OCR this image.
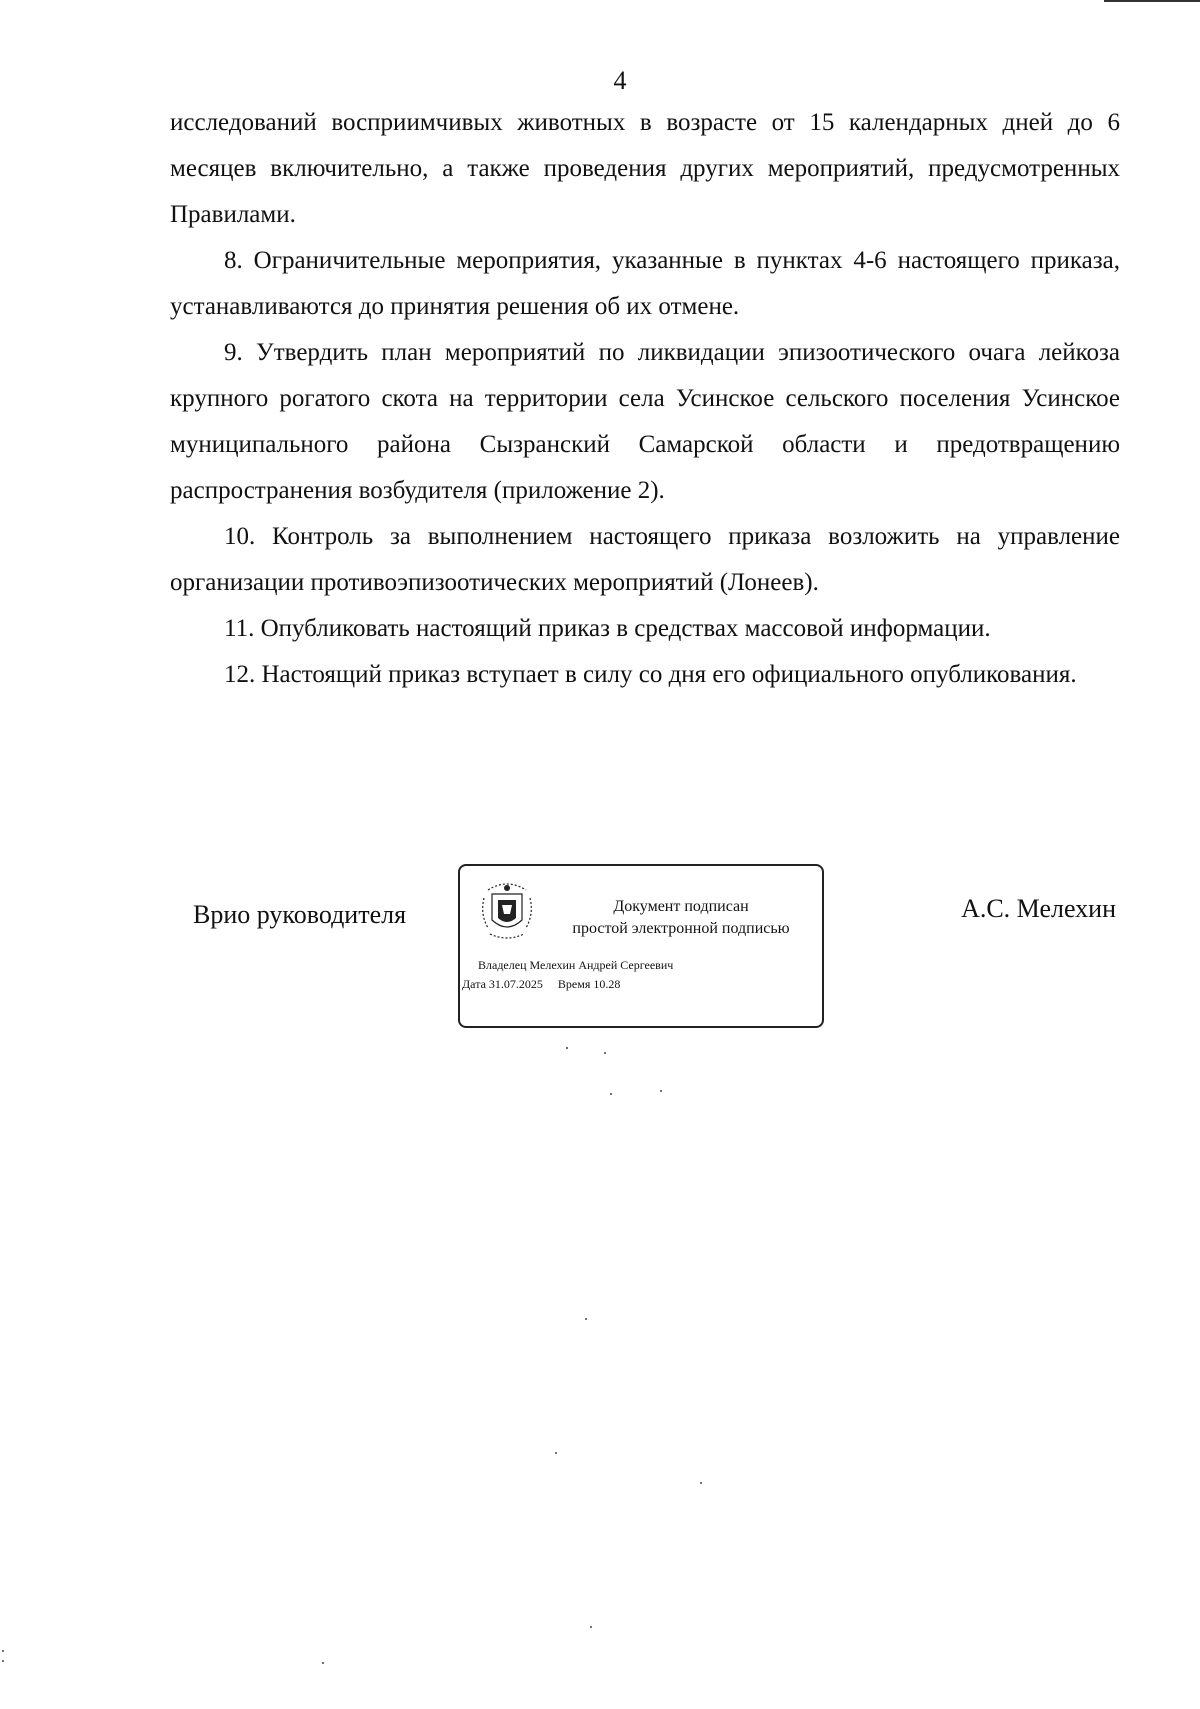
4

исследований восприимчивых животных в возрасте от 15 календарных дней до 6 месяцев включительно, а также проведения других мероприятий, предусмотренных Правилами.

8. Ограничительные мероприятия, указанные в пунктах 4-6 настоящего приказа, устанавливаются до принятия решения об их отмене.

9. Утвердить план мероприятий по ликвидации эпизоотического очага лейкоза крупного рогатого скота на территории села Усинское сельского поселения Усинское муниципального района Сызранский Самарской области и предотвращению распространения возбудителя (приложение 2).

10. Контроль за выполнением настоящего приказа возложить на управление организации противоэпизоотических мероприятий (Лонеев).

11. Опубликовать настоящий приказ в средствах массовой информации.

12. Настоящий приказ вступает в силу со дня его официального опубликования.

Врио руководителя	Документ подписан
простой электронной подписью
Владелец Мелехин Андрей Сергеевич
Дата 31.07.2025 Время 10.28
А.С. Мелехин
